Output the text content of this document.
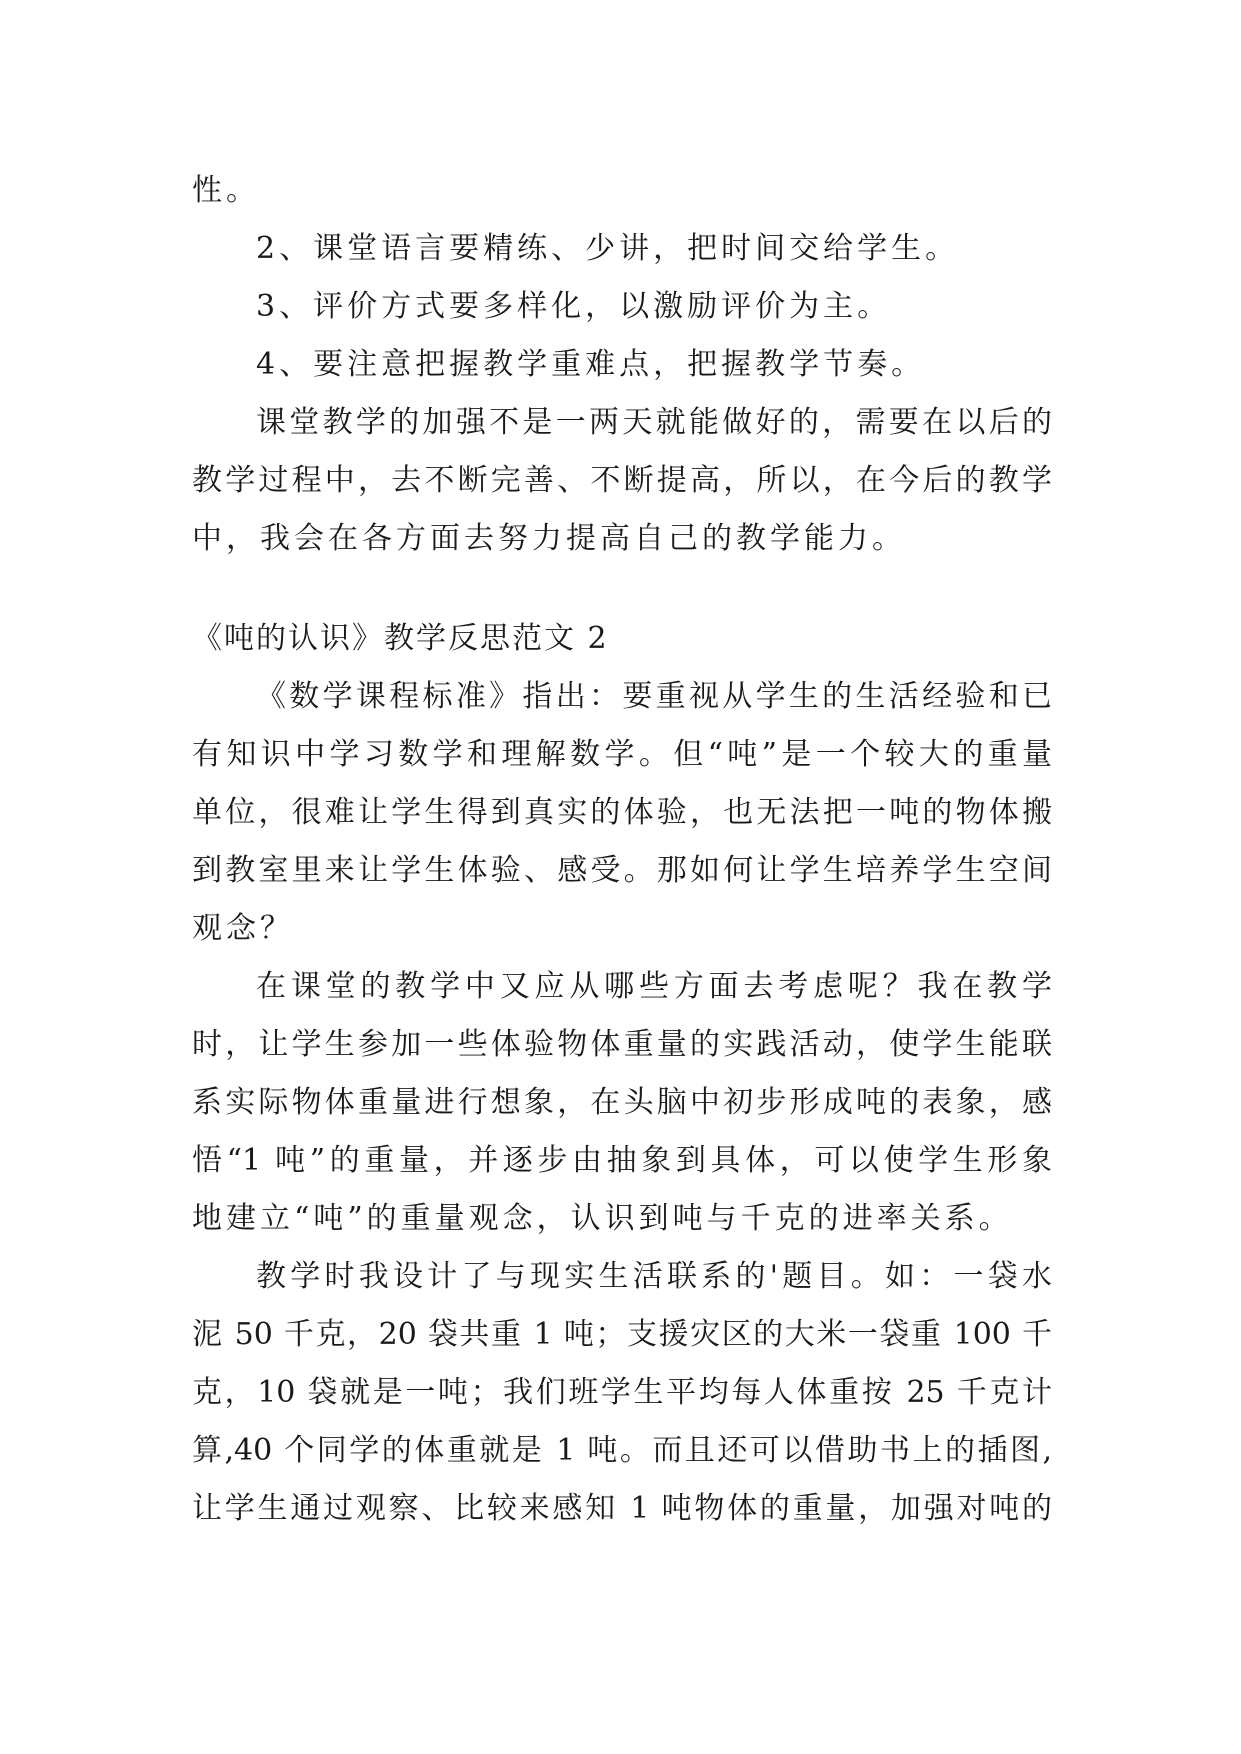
性。
2、课堂语言要精练、少讲，把时间交给学生。
3、评价方式要多样化，以激励评价为主。
4、要注意把握教学重难点，把握教学节奏。
课堂教学的加强不是一两天就能做好的，需要在以后的
教学过程中，去不断完善、不断提高，所以，在今后的教学
中，我会在各方面去努力提高自己的教学能力。
《吨的认识》教学反思范文 2
《数学课程标准》指出：要重视从学生的生活经验和已
有知识中学习数学和理解数学。但“吨”是一个较大的重量
单位，很难让学生得到真实的体验，也无法把一吨的物体搬
到教室里来让学生体验、感受。那如何让学生培养学生空间
观念？
在课堂的教学中又应从哪些方面去考虑呢？我在教学
时，让学生参加一些体验物体重量的实践活动，使学生能联
系实际物体重量进行想象，在头脑中初步形成吨的表象，感
悟“1 吨”的重量，并逐步由抽象到具体，可以使学生形象
地建立“吨”的重量观念，认识到吨与千克的进率关系。
教学时我设计了与现实生活联系的'题目。如：一袋水
泥 50 千克，20 袋共重 1 吨；支援灾区的大米一袋重 100 千
克，10 袋就是一吨；我们班学生平均每人体重按 25 千克计
算,40 个同学的体重就是 1 吨。而且还可以借助书上的插图,
让学生通过观察、比较来感知 1 吨物体的重量，加强对吨的
